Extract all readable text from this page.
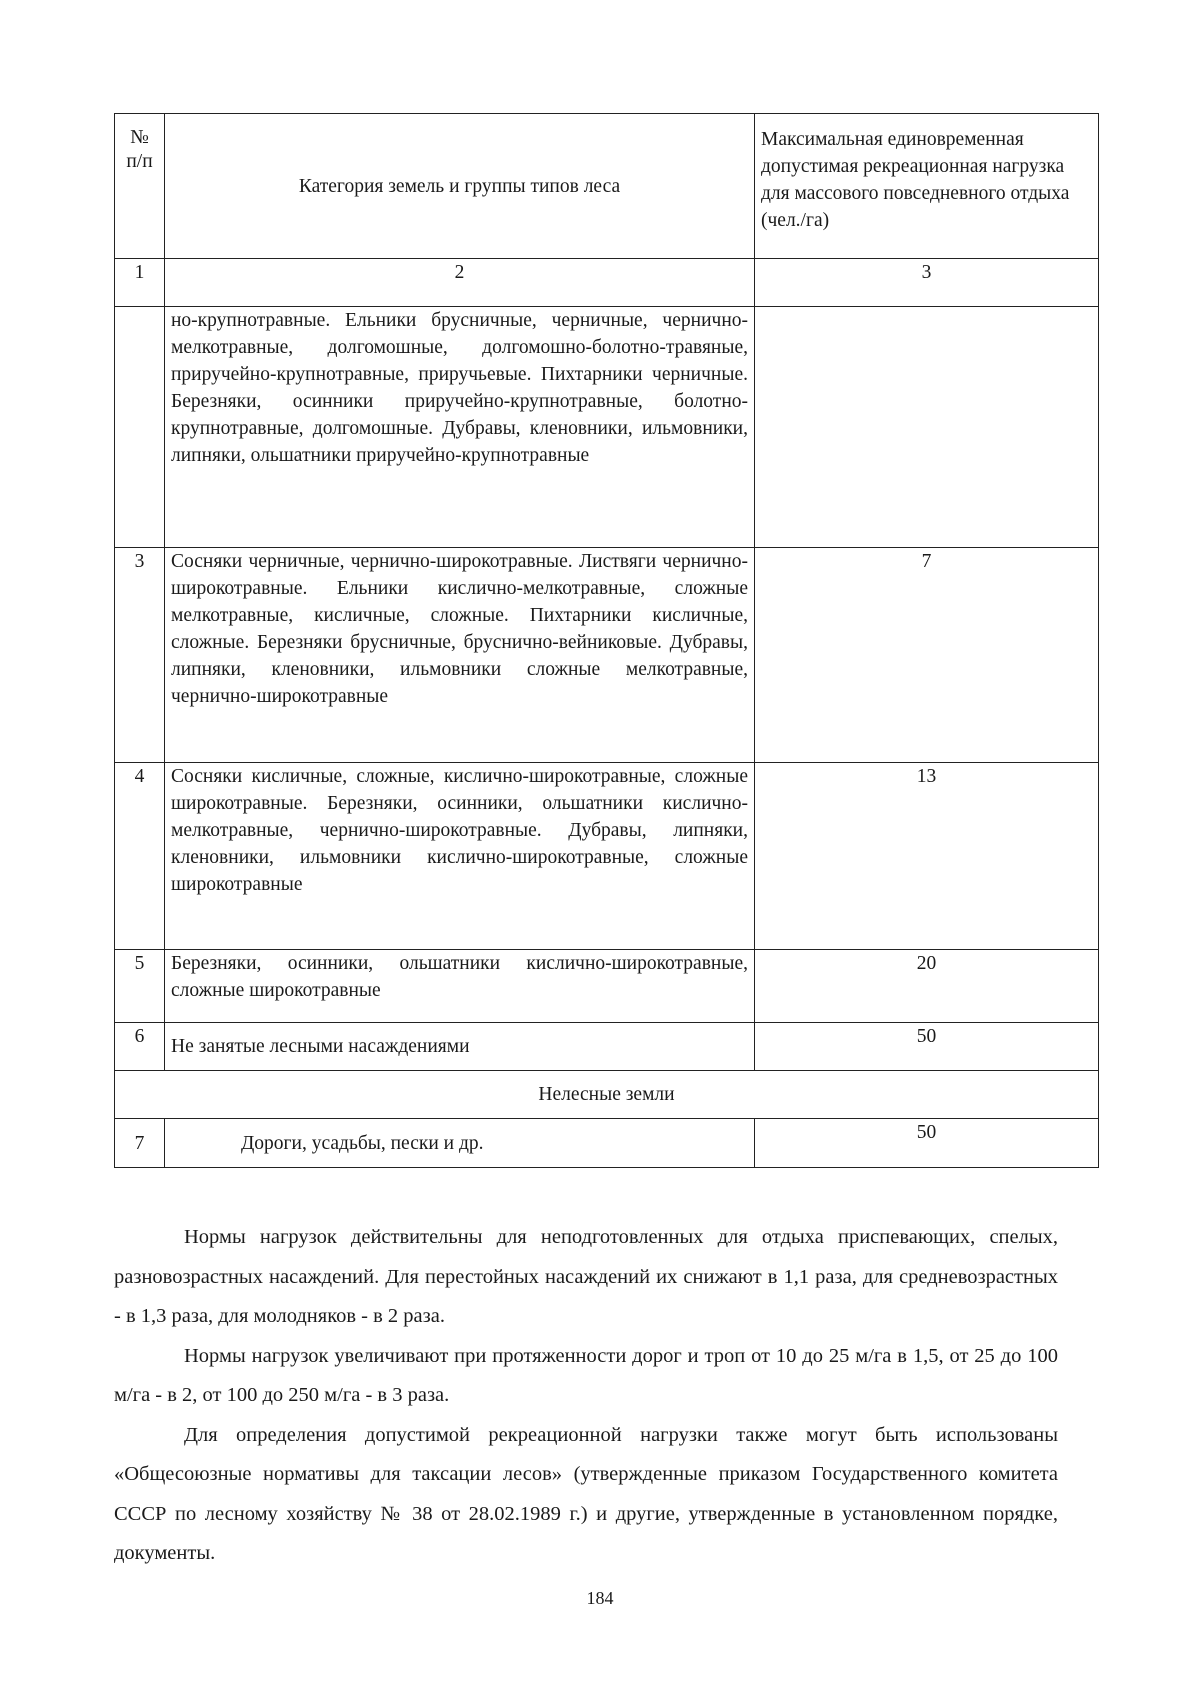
№ п/п	Категория земель и группы типов леса	Максимальная единовременная допустимая рекреационная нагрузка для массового повседневного отдыха (чел./га)
1	2	3
	но-крупнотравные. Ельники брусничные, черничные, чернично-мелкотравные, долгомошные, долгомошно-болотно-травяные, приручейно-крупнотравные, приручьевые. Пихтарники черничные. Березняки, осинники приручейно-крупнотравные, болотно-крупнотравные, долгомошные. Дубравы, кленовники, ильмовники, липняки, ольшатники приручейно-крупнотравные	
3	Сосняки черничные, чернично-широкотравные. Листвяги чернично-широкотравные. Ельники кислично-мелкотравные, сложные мелкотравные, кисличные, сложные. Пихтарники кисличные, сложные. Березняки брусничные, бруснично-вейниковые. Дубравы, липняки, кленовники, ильмовники сложные мелкотравные, чернично-широкотравные	7
4	Сосняки кисличные, сложные, кислично-широкотравные, сложные широкотравные. Березняки, осинники, ольшатники кислично-мелкотравные, чернично-широкотравные. Дубравы, липняки, кленовники, ильмовники кислично-широкотравные, сложные широкотравные	13
5	Березняки, осинники, ольшатники кислично-широкотравные, сложные широкотравные	20
6	Не занятые лесными насаждениями	50
Нелесные земли		
7	Дороги, усадьбы, пески и др.	50

Нормы нагрузок действительны для неподготовленных для отдыха приспевающих, спелых, разновозрастных насаждений. Для перестойных насаждений их снижают в 1,1 раза, для средневозрастных - в 1,3 раза, для молодняков - в 2 раза.

Нормы нагрузок увеличивают при протяженности дорог и троп от 10 до 25 м/га в 1,5, от 25 до 100 м/га - в 2, от 100 до 250 м/га - в 3 раза.

Для определения допустимой рекреационной нагрузки также могут быть использованы «Общесоюзные нормативы для таксации лесов» (утвержденные приказом Государственного комитета СССР по лесному хозяйству № 38 от 28.02.1989 г.) и другие, утвержденные в установленном порядке, документы.

184
